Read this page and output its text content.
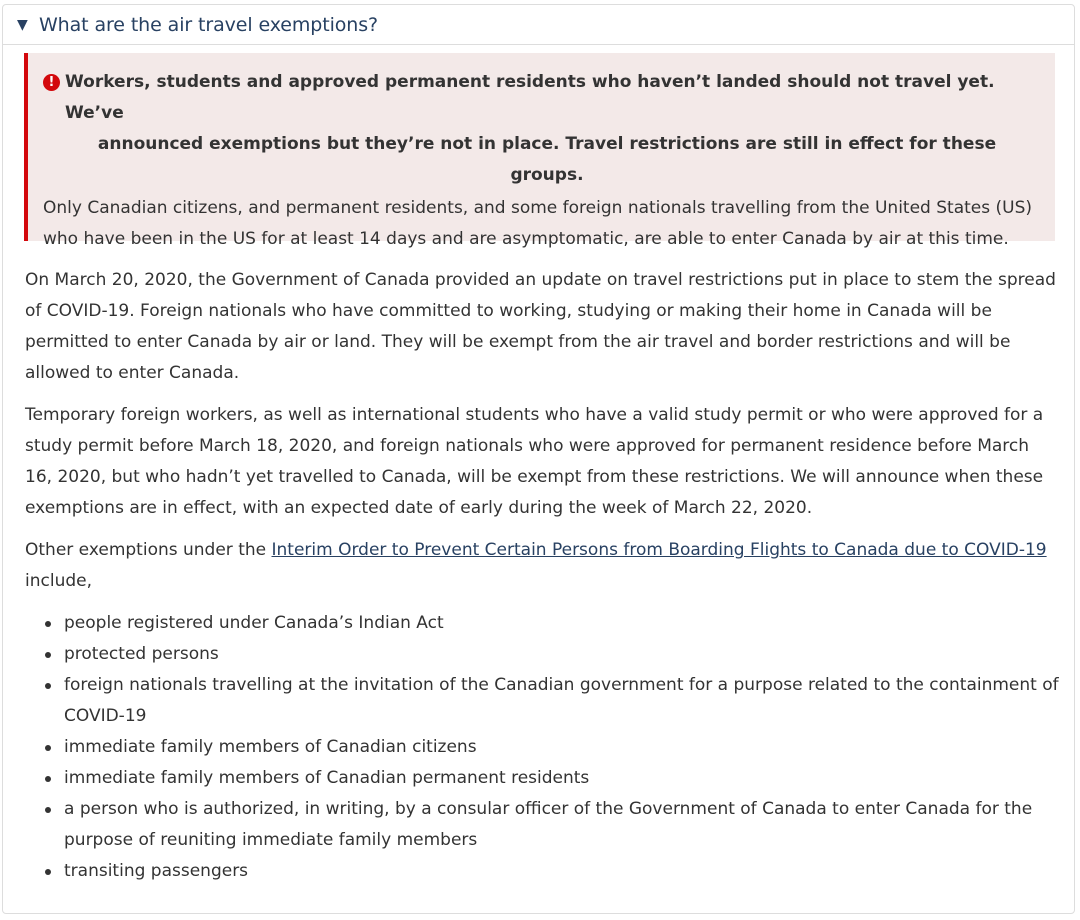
▼ What are the air travel exemptions?

! Workers, students and approved permanent residents who haven’t landed should not travel yet. We’ve
announced exemptions but they’re not in place. Travel restrictions are still in effect for these groups.

Only Canadian citizens, and permanent residents, and some foreign nationals travelling from the United States (US) who have been in the US for at least 14 days and are asymptomatic, are able to enter Canada by air at this time.

On March 20, 2020, the Government of Canada provided an update on travel restrictions put in place to stem the spread of COVID-19. Foreign nationals who have committed to working, studying or making their home in Canada will be permitted to enter Canada by air or land. They will be exempt from the air travel and border restrictions and will be allowed to enter Canada.

Temporary foreign workers, as well as international students who have a valid study permit or who were approved for a study permit before March 18, 2020, and foreign nationals who were approved for permanent residence before March 16, 2020, but who hadn’t yet travelled to Canada, will be exempt from these restrictions. We will announce when these exemptions are in effect, with an expected date of early during the week of March 22, 2020.

Other exemptions under the Interim Order to Prevent Certain Persons from Boarding Flights to Canada due to COVID-19 include,

people registered under Canada’s Indian Act
protected persons
foreign nationals travelling at the invitation of the Canadian government for a purpose related to the containment of COVID-19
immediate family members of Canadian citizens
immediate family members of Canadian permanent residents
a person who is authorized, in writing, by a consular officer of the Government of Canada to enter Canada for the purpose of reuniting immediate family members
transiting passengers
